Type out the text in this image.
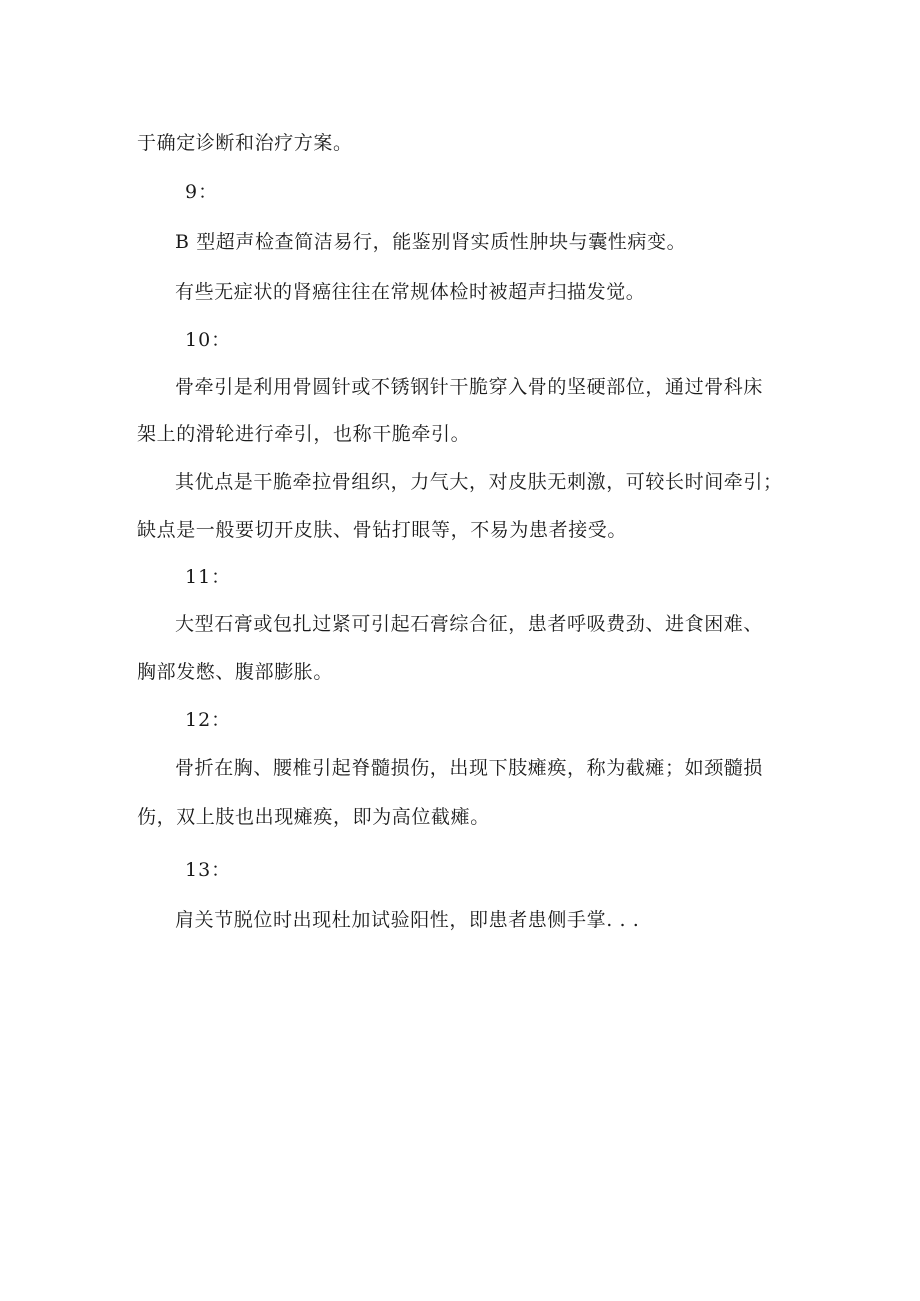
于确定诊断和治疗方案。
9：
B 型超声检查简洁易行，能鉴别肾实质性肿块与囊性病变。
有些无症状的肾癌往往在常规体检时被超声扫描发觉。
10：
骨牵引是利用骨圆针或不锈钢针干脆穿入骨的坚硬部位，通过骨科床
架上的滑轮进行牵引，也称干脆牵引。
其优点是干脆牵拉骨组织，力气大，对皮肤无刺激，可较长时间牵引；
缺点是一般要切开皮肤、骨钻打眼等，不易为患者接受。
11：
大型石膏或包扎过紧可引起石膏综合征，患者呼吸费劲、进食困难、
胸部发憋、腹部膨胀。
12：
骨折在胸、腰椎引起脊髓损伤，出现下肢瘫痪，称为截瘫；如颈髓损
伤，双上肢也出现瘫痪，即为高位截瘫。
13：
肩关节脱位时出现杜加试验阳性，即患者患侧手掌. . .
